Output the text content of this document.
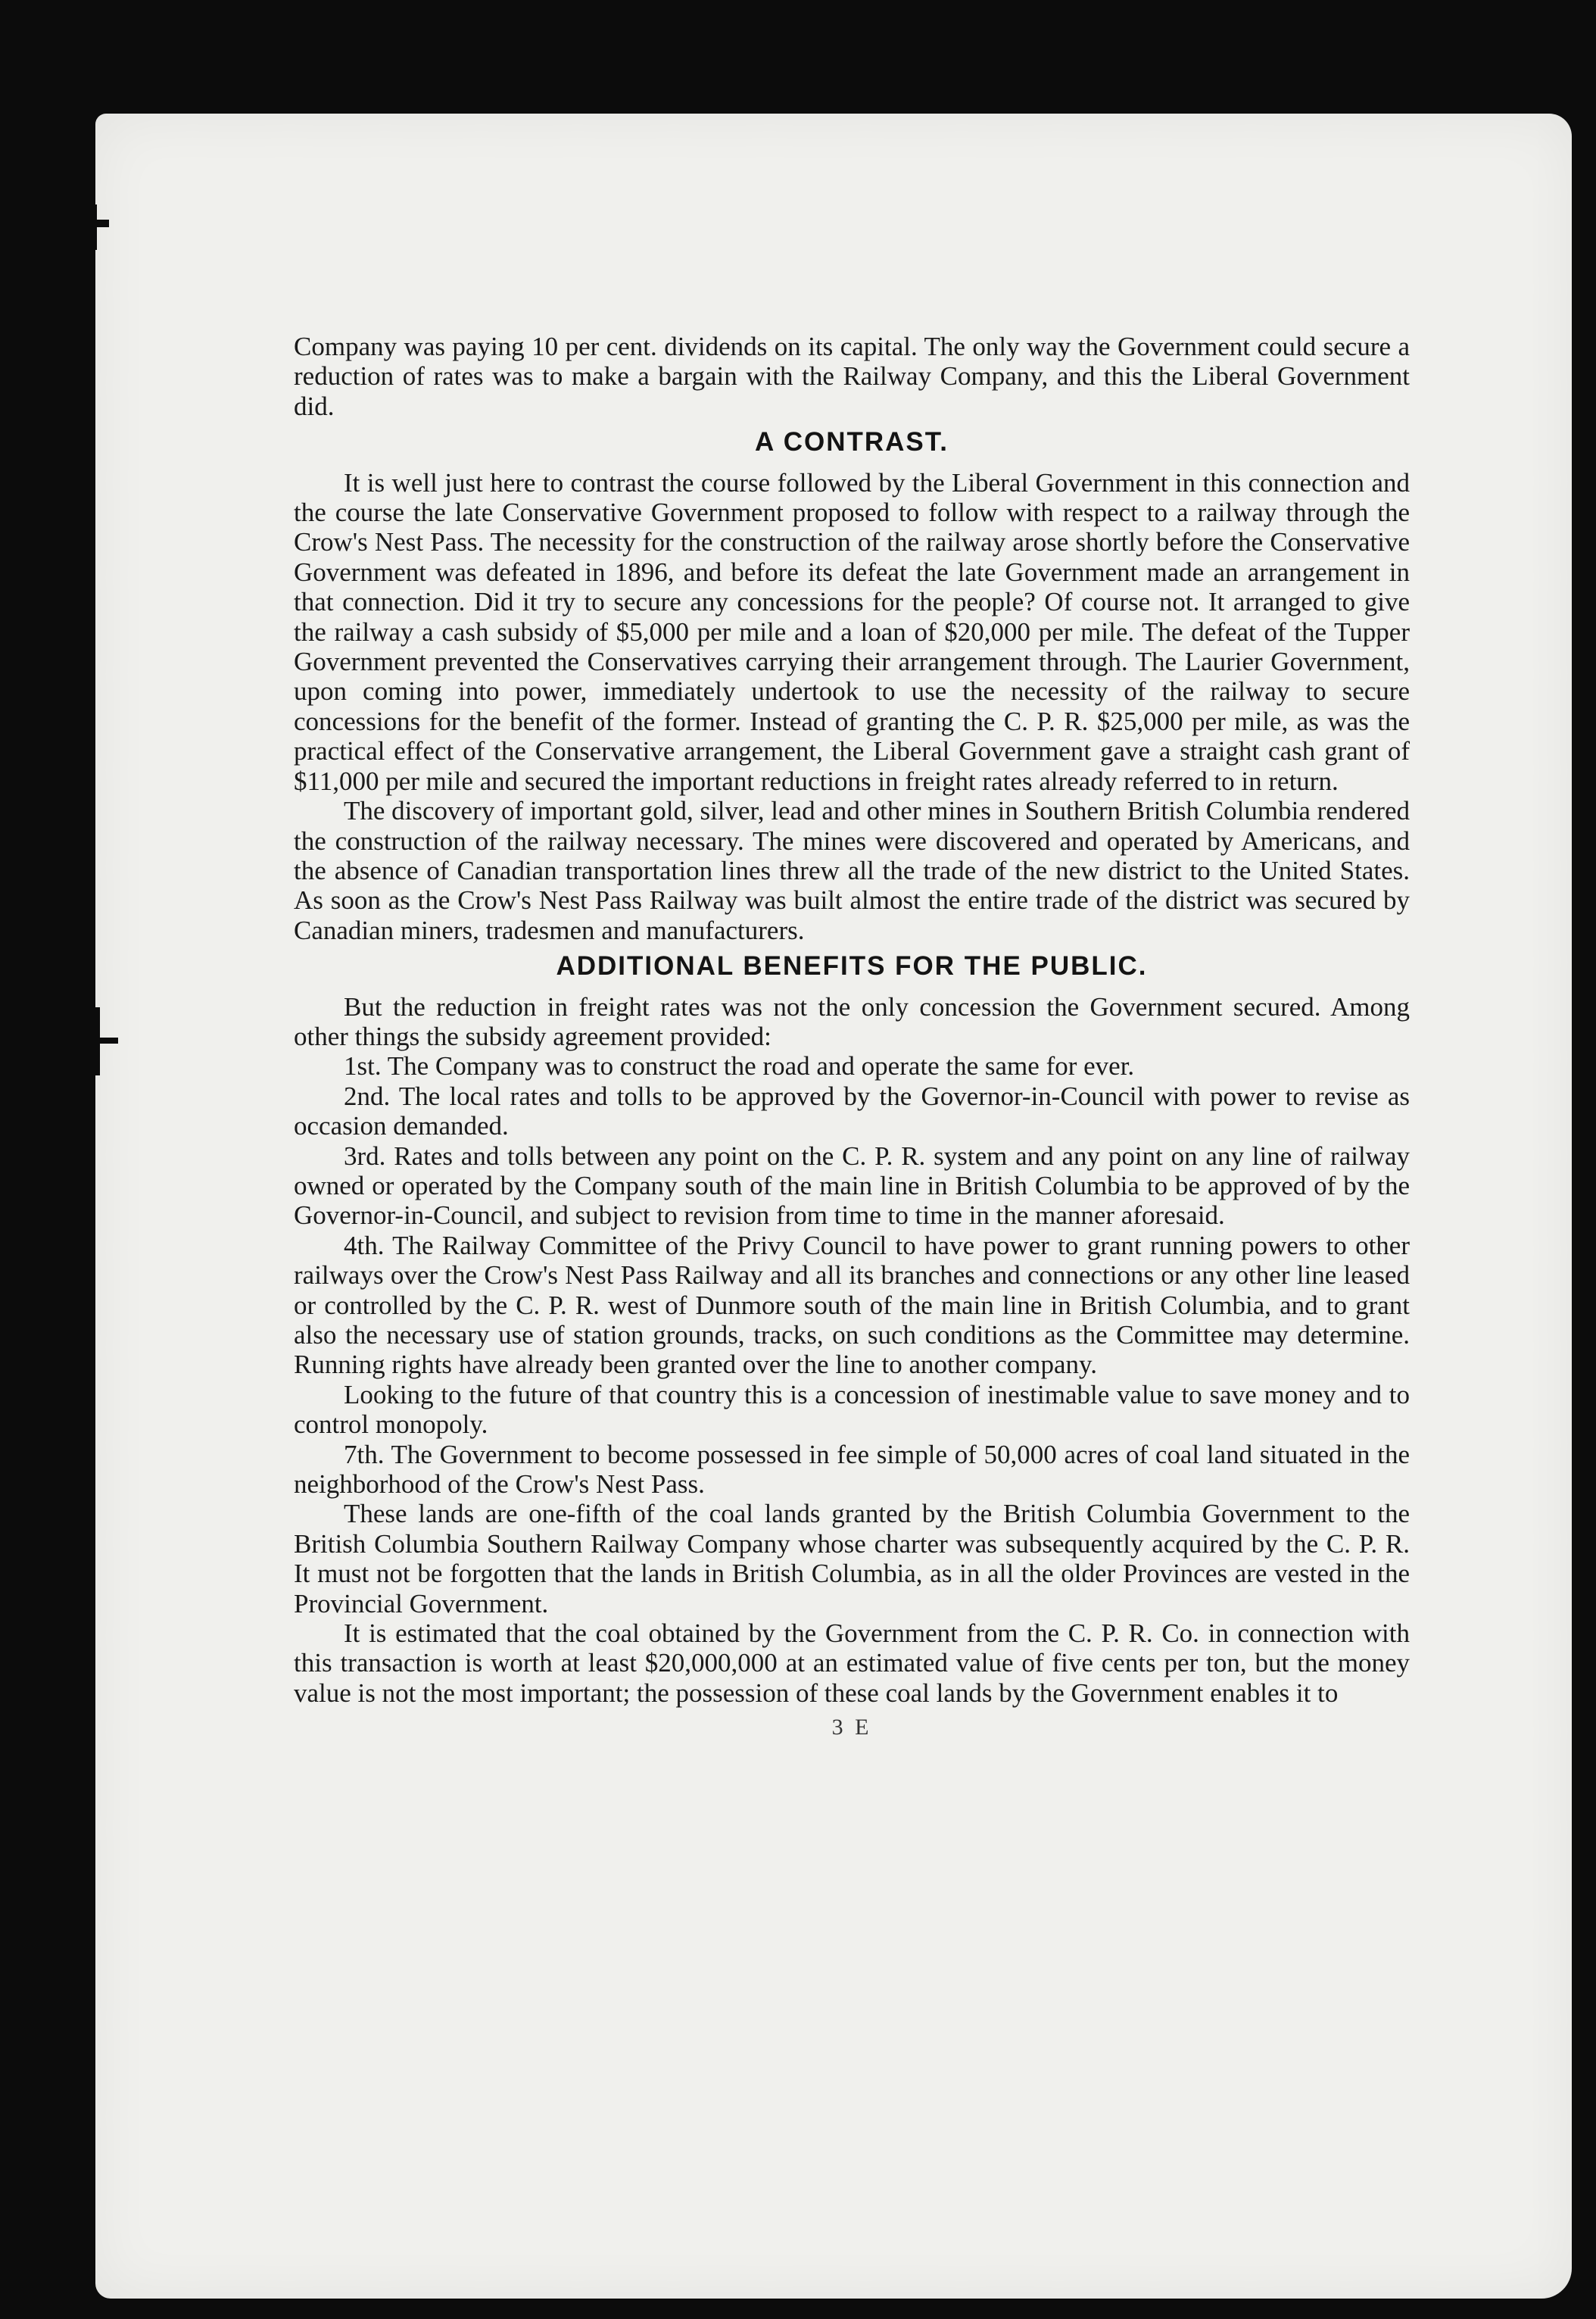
Company was paying 10 per cent. dividends on its capital. The only way the Government could secure a reduction of rates was to make a bargain with the Railway Company, and this the Liberal Government did.

A CONTRAST.

It is well just here to contrast the course followed by the Liberal Government in this connection and the course the late Conservative Government proposed to follow with respect to a railway through the Crow's Nest Pass. The necessity for the construction of the railway arose shortly before the Conservative Government was defeated in 1896, and before its defeat the late Government made an arrangement in that connection. Did it try to secure any concessions for the people? Of course not. It arranged to give the railway a cash subsidy of $5,000 per mile and a loan of $20,000 per mile. The defeat of the Tupper Government prevented the Conservatives carrying their arrangement through. The Laurier Government, upon coming into power, immediately undertook to use the necessity of the railway to secure concessions for the benefit of the former. Instead of granting the C. P. R. $25,000 per mile, as was the practical effect of the Conservative arrangement, the Liberal Government gave a straight cash grant of $11,000 per mile and secured the important reductions in freight rates already referred to in return.

The discovery of important gold, silver, lead and other mines in Southern British Columbia rendered the construction of the railway necessary. The mines were discovered and operated by Americans, and the absence of Canadian transportation lines threw all the trade of the new district to the United States. As soon as the Crow's Nest Pass Railway was built almost the entire trade of the district was secured by Canadian miners, tradesmen and manufacturers.

ADDITIONAL BENEFITS FOR THE PUBLIC.

But the reduction in freight rates was not the only concession the Government secured. Among other things the subsidy agreement provided:

1st. The Company was to construct the road and operate the same for ever.

2nd. The local rates and tolls to be approved by the Governor-in-Council with power to revise as occasion demanded.

3rd. Rates and tolls between any point on the C. P. R. system and any point on any line of railway owned or operated by the Company south of the main line in British Columbia to be approved of by the Governor-in-Council, and subject to revision from time to time in the manner aforesaid.

4th. The Railway Committee of the Privy Council to have power to grant running powers to other railways over the Crow's Nest Pass Railway and all its branches and connections or any other line leased or controlled by the C. P. R. west of Dunmore south of the main line in British Columbia, and to grant also the necessary use of station grounds, tracks, on such conditions as the Committee may determine. Running rights have already been granted over the line to another company.

Looking to the future of that country this is a concession of inestimable value to save money and to control monopoly.

7th. The Government to become possessed in fee simple of 50,000 acres of coal land situated in the neighborhood of the Crow's Nest Pass.

These lands are one-fifth of the coal lands granted by the British Columbia Government to the British Columbia Southern Railway Company whose charter was subsequently acquired by the C. P. R. It must not be forgotten that the lands in British Columbia, as in all the older Provinces are vested in the Provincial Government.

It is estimated that the coal obtained by the Government from the C. P. R. Co. in connection with this transaction is worth at least $20,000,000 at an estimated value of five cents per ton, but the money value is not the most important; the possession of these coal lands by the Government enables it to

3 E
